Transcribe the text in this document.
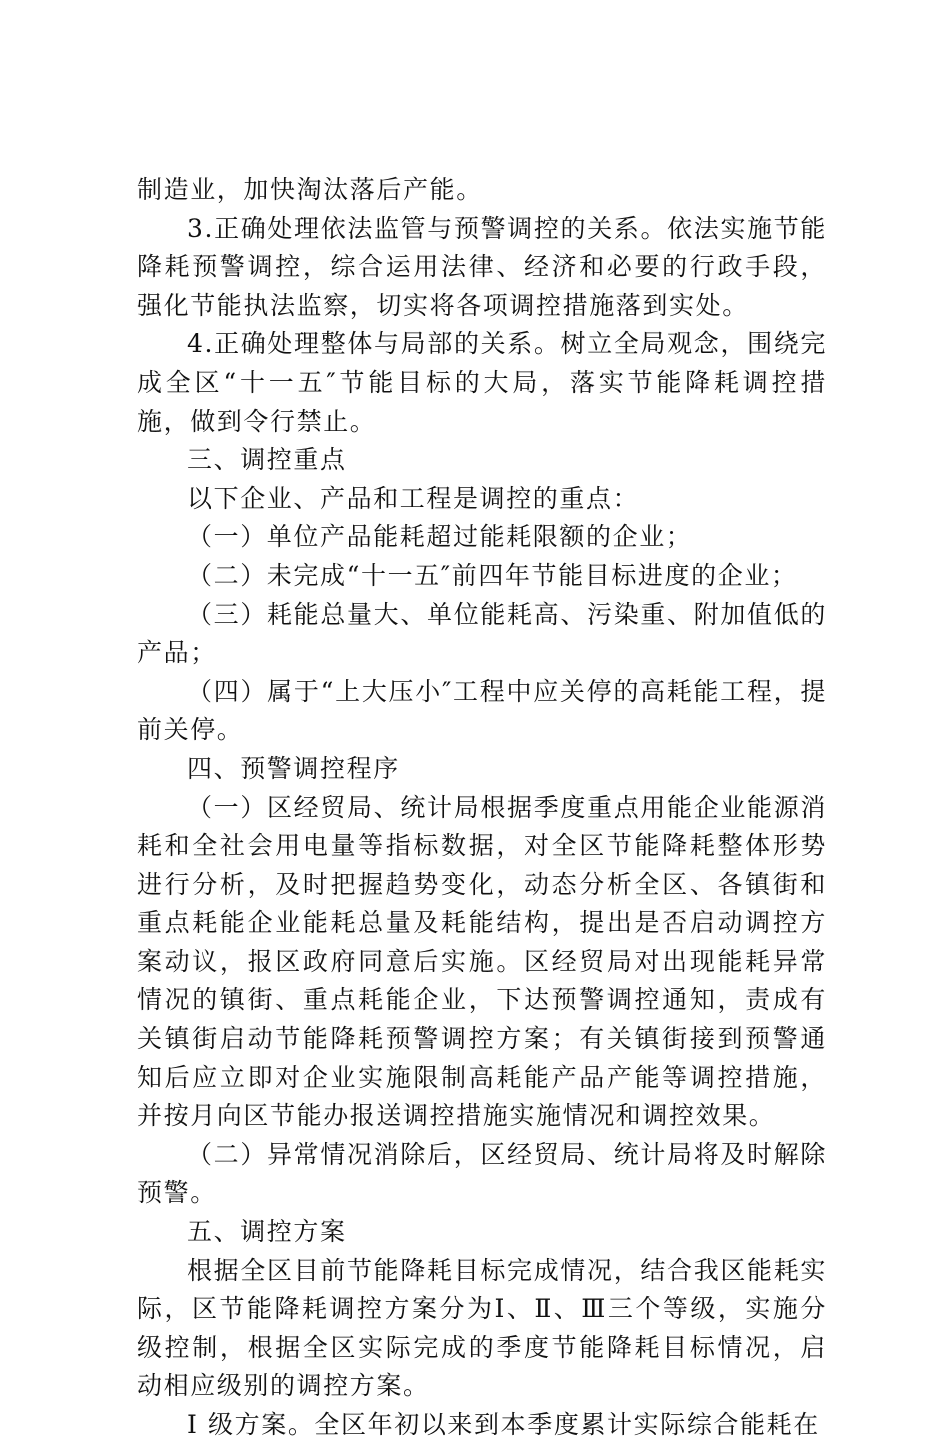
制造业，加快淘汰落后产能。

3.正确处理依法监管与预警调控的关系。依法实施节能降耗预警调控，综合运用法律、经济和必要的行政手段，强化节能执法监察，切实将各项调控措施落到实处。

4.正确处理整体与局部的关系。树立全局观念，围绕完成全区“十一五″节能目标的大局，落实节能降耗调控措施，做到令行禁止。

三、调控重点

以下企业、产品和工程是调控的重点：

（一）单位产品能耗超过能耗限额的企业；

（二）未完成“十一五″前四年节能目标进度的企业；

（三）耗能总量大、单位能耗高、污染重、附加值低的产品；

（四）属于“上大压小″工程中应关停的高耗能工程，提前关停。

四、预警调控程序

（一）区经贸局、统计局根据季度重点用能企业能源消耗和全社会用电量等指标数据，对全区节能降耗整体形势进行分析，及时把握趋势变化，动态分析全区、各镇街和重点耗能企业能耗总量及耗能结构，提出是否启动调控方案动议，报区政府同意后实施。区经贸局对出现能耗异常情况的镇街、重点耗能企业，下达预警调控通知，责成有关镇街启动节能降耗预警调控方案；有关镇街接到预警通知后应立即对企业实施限制高耗能产品产能等调控措施，并按月向区节能办报送调控措施实施情况和调控效果。

（二）异常情况消除后，区经贸局、统计局将及时解除预警。

五、调控方案

根据全区目前节能降耗目标完成情况，结合我区能耗实际，区节能降耗调控方案分为Ⅰ、Ⅱ、Ⅲ三个等级，实施分级控制，根据全区实际完成的季度节能降耗目标情况，启动相应级别的调控方案。

Ⅰ 级方案。全区年初以来到本季度累计实际综合能耗在
